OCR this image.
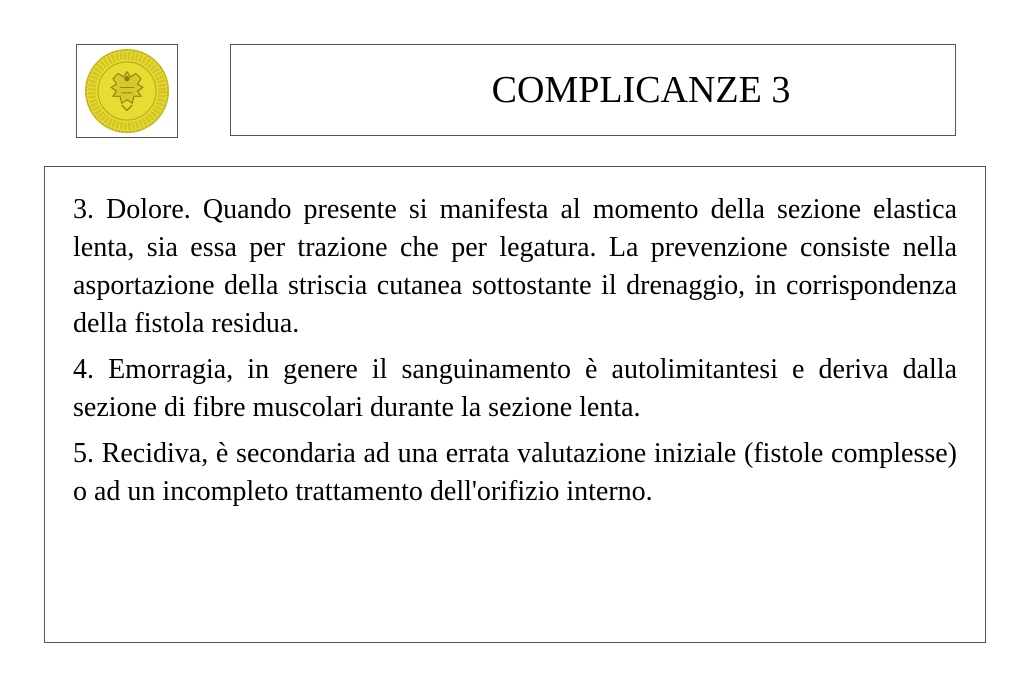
COMPLICANZE 3

3. Dolore. Quando presente si manifesta al momento della sezione elastica lenta, sia essa per trazione che per legatura. La prevenzione consiste nella asportazione della striscia cutanea sottostante il drenaggio, in corrispondenza della fistola residua.

4. Emorragia, in genere il sanguinamento è autolimitantesi e deriva dalla sezione di fibre muscolari durante la sezione lenta.

5. Recidiva, è secondaria ad una errata valutazione iniziale (fistole complesse) o ad un incompleto trattamento dell'orifizio interno.
